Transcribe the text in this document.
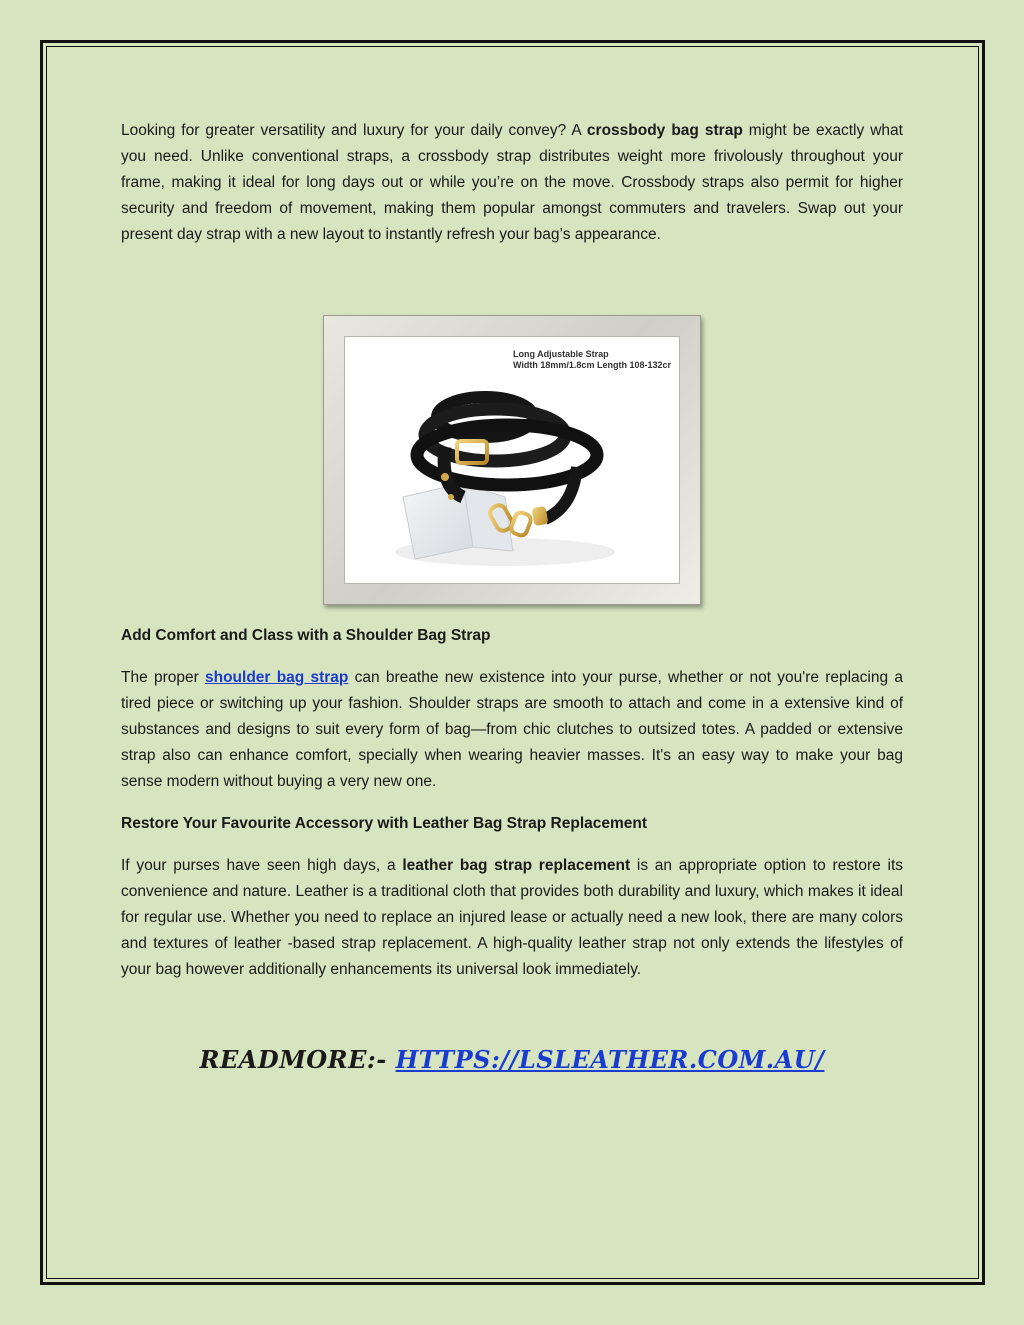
Looking for greater versatility and luxury for your daily convey? A crossbody bag strap might be exactly what you need. Unlike conventional straps, a crossbody strap distributes weight more frivolously throughout your frame, making it ideal for long days out or while you’re on the move. Crossbody straps also permit for higher security and freedom of movement, making them popular amongst commuters and travelers. Swap out your present day strap with a new layout to instantly refresh your bag’s appearance.

Add Comfort and Class with a Shoulder Bag Strap

The proper shoulder bag strap can breathe new existence into your purse, whether or not you're replacing a tired piece or switching up your fashion. Shoulder straps are smooth to attach and come in a extensive kind of substances and designs to suit every form of bag—from chic clutches to outsized totes. A padded or extensive strap also can enhance comfort, specially when wearing heavier masses. It's an easy way to make your bag sense modern without buying a very new one.

Restore Your Favourite Accessory with Leather Bag Strap Replacement

If your purses have seen high days, a leather bag strap replacement is an appropriate option to restore its convenience and nature. Leather is a traditional cloth that provides both durability and luxury, which makes it ideal for regular use. Whether you need to replace an injured lease or actually need a new look, there are many colors and textures of leather -based strap replacement. A high-quality leather strap not only extends the lifestyles of your bag however additionally enhancements its universal look immediately.

Long Adjustable Strap
Width 18mm/1.8cm Length 108-132cr
READMORE:- HTTPS://LSLEATHER.COM.AU/
